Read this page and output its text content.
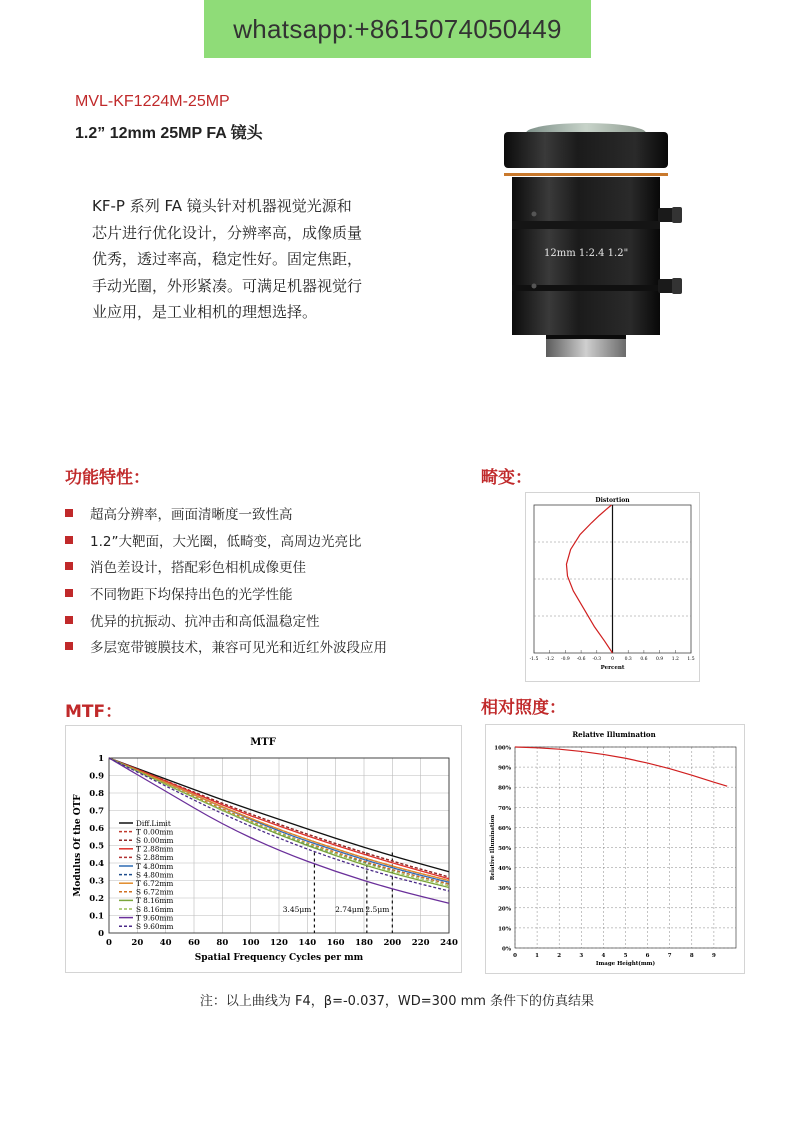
whatsapp:+8615074050449
MVL-KF1224M-25MP
1.2” 12mm 25MP FA 镜头
KF-P 系列 FA 镜头针对机器视觉光源和
芯片进行优化设计，分辨率高，成像质量
优秀，透过率高，稳定性好。固定焦距，
手动光圈，外形紧凑。可满足机器视觉行
业应用，是工业相机的理想选择。
12mm 1:2.4 1.2"
功能特性：	畸变：
MTF：	相对照度：
超高分辨率，画面清晰度一致性高
1.2”大靶面，大光圈，低畸变，高周边光亮比
消色差设计，搭配彩色相机成像更佳
不同物距下均保持出色的光学性能
优异的抗振动、抗冲击和高低温稳定性
多层宽带镀膜技术，兼容可见光和近红外波段应用
Distortion
-1.5 -1.2 -0.9 -0.6 -0.3 0 0.3 0.6 0.9 1.2 1.5
Percent
MTF
0 20 40 60 80 100 120 140 160 180 200 220 240
0
0.1
0.2
0.3
0.4
0.5
0.6
0.7
0.8
0.9
1
Spatial Frequency Cycles per mm
Modulus Of the OTF
3.45μm	2.74μm 2.5μm
Diff.Limit
T 0.00mm
S 0.00mm
T 2.88mm
S 2.88mm
T 4.80mm
S 4.80mm
T 6.72mm
S 6.72mm
T 8.16mm
S 8.16mm
T 9.60mm
S 9.60mm
Relative Illumination
0%
10%
20%
30%
40%
50%
60%
70%
80%
90%
100%
0	1	2	3	4	5	6	7	8	9
Image Height(mm)
Relative Illumination
注：以上曲线为 F4，β=-0.037，WD=300 mm 条件下的仿真结果
